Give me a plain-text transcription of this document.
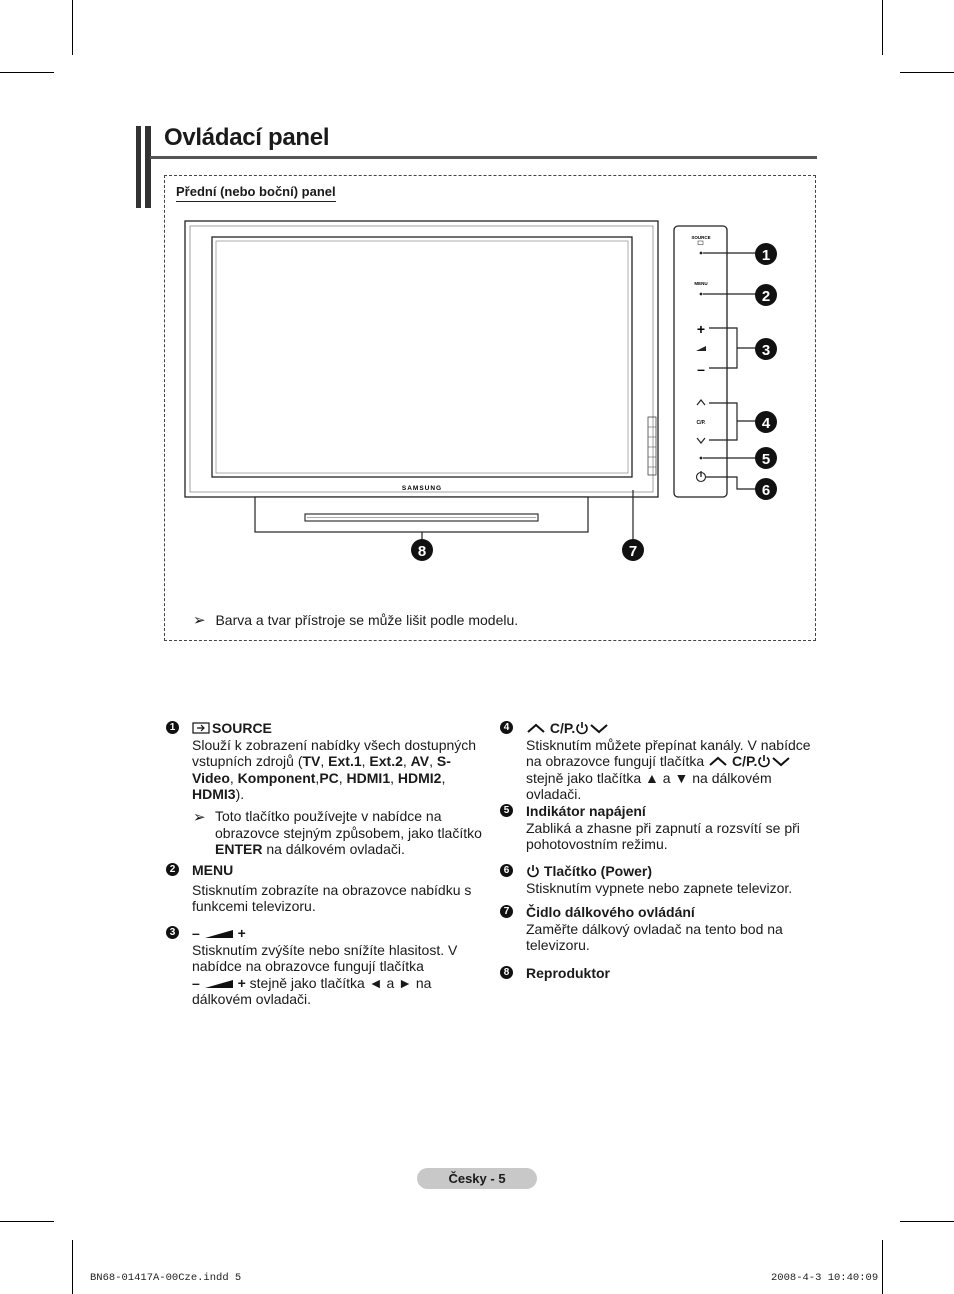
Ovládací panel
Přední (nebo boční) panel
SAMSUNG
8	7
SOURCE
MENU
+
–
C/P.
1
2
3
4
5
6
➢ Barva a tvar přístroje se může lišit podle modelu.
1	SOURCE
Slouží k zobrazení nabídky všech dostupných vstupních zdrojů (TV, Ext.1, Ext.2, AV, S-Video, Komponent,PC, HDMI1, HDMI2, HDMI3).
➢ Toto tlačítko používejte v nabídce na obrazovce stejným způsobem, jako tlačítko ENTER na dálkovém ovladači.
2 MENU
Stisknutím zobrazíte na obrazovce nabídku s funkcemi televizoru.
3 –	+
Stisknutím zvýšíte nebo snížíte hlasitost. V nabídce na obrazovce fungují tlačítka
–	+ stejně jako tlačítka ◄ a ► na dálkovém ovladači.
4	C/P.
Stisknutím můžete přepínat kanály. V nabídce na obrazovce fungují tlačítka C/P. stejně jako tlačítka ▲ a ▼ na dálkovém ovladači.
5 Indikátor napájení
Zabliká a zhasne při zapnutí a rozsvítí se při pohotovostním režimu.
6	Tlačítko (Power)
Stisknutím vypnete nebo zapnete televizor.
7 Čidlo dálkového ovládání
Zaměřte dálkový ovladač na tento bod na televizoru.
8 Reproduktor
Česky - 5
BN68-01417A-00Cze.indd 5	2008-4-3 10:40:09
